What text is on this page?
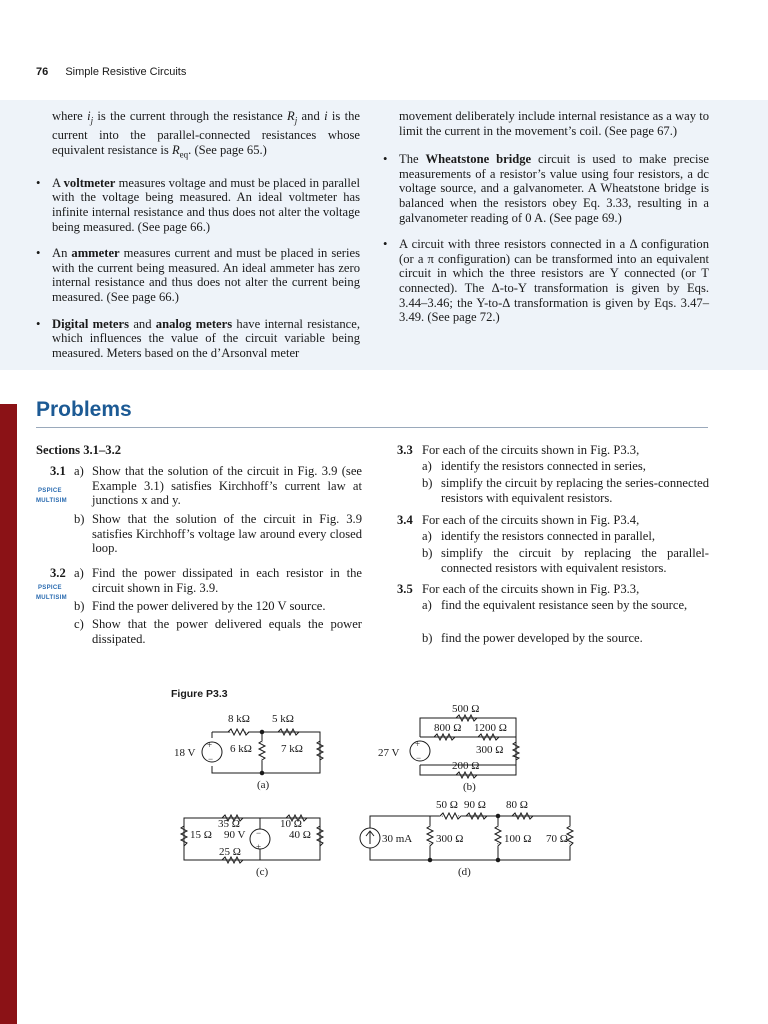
76 Simple Resistive Circuits

where $i_j$ is the current through the resistance $R_j$ and i is the current into the parallel-connected resistances whose equivalent resistance is $R_{eq}$. (See page 65.)

• A voltmeter measures voltage and must be placed in parallel with the voltage being measured. An ideal voltmeter has infinite internal resistance and thus does not alter the voltage being measured. (See page 66.)

• An ammeter measures current and must be placed in series with the current being measured. An ideal ammeter has zero internal resistance and thus does not alter the current being measured. (See page 66.)

• Digital meters and analog meters have internal resistance, which influences the value of the circuit variable being measured. Meters based on the d’Arsonval meter

movement deliberately include internal resistance as a way to limit the current in the movement’s coil. (See page 67.)

• The Wheatstone bridge circuit is used to make precise measurements of a resistor’s value using four resistors, a dc voltage source, and a galvanometer. A Wheatstone bridge is balanced when the resistors obey Eq. 3.33, resulting in a galvanometer reading of 0 A. (See page 69.)

• A circuit with three resistors connected in a Δ configuration (or a π configuration) can be transformed into an equivalent circuit in which the three resistors are Y connected (or T connected). The Δ-to-Y transformation is given by Eqs. 3.44–3.46; the Y-to-Δ transformation is given by Eqs. 3.47–3.49. (See page 72.)

Problems
Sections 3.1–3.2
3.1 a) Show that the solution of the circuit in Fig. 3.9 (see Example 3.1) satisfies Kirchhoff’s current law at junctions x and y.
PSPICE
MULTISIM
b) Show that the solution of the circuit in Fig. 3.9 satisfies Kirchhoff’s voltage law around every closed loop.
3.2 a) Find the power dissipated in each resistor in the circuit shown in Fig. 3.9.
PSPICE
MULTISIM
b) Find the power delivered by the 120 V source.
c) Show that the power delivered equals the power dissipated.
3.3 For each of the circuits shown in Fig. P3.3,
a) identify the resistors connected in series,
b) simplify the circuit by replacing the series-connected resistors with equivalent resistors.
3.4 For each of the circuits shown in Fig. P3.4,
a) identify the resistors connected in parallel,
b) simplify the circuit by replacing the parallel-connected resistors with equivalent resistors.
3.5 For each of the circuits shown in Fig. P3.3,
a) find the equivalent resistance seen by the source,
b) find the power developed by the source.
Figure P3.3
18 V
+
−
8 kΩ 5 kΩ
6 kΩ	7 kΩ
(a)
27 V
+
−
500 Ω
800 Ω 1200 Ω
300 Ω
200 Ω
(b)
35 Ω	10 Ω
15 Ω 90 V	40 Ω
25 Ω
−
+
(c)
50 Ω 90 Ω 80 Ω
30 mA 300 Ω	100 Ω 70 Ω
(d)
